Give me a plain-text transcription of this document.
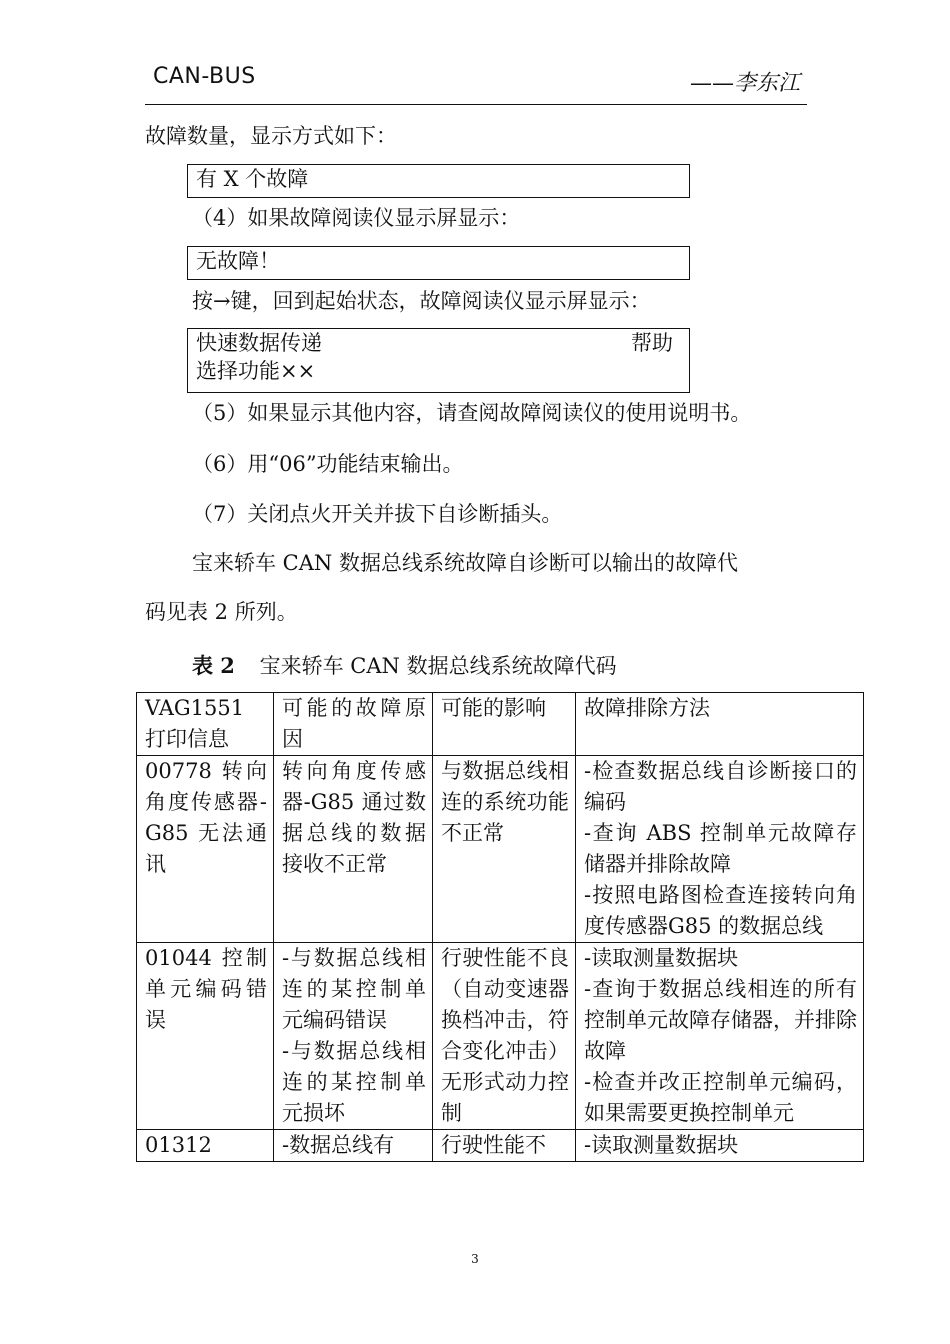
CAN-BUS	——李东江
故障数量，显示方式如下：
有 X 个故障
（4）如果故障阅读仪显示屏显示：
无故障！
按→键，回到起始状态，故障阅读仪显示屏显示：
快速数据传递	帮助
选择功能××
（5）如果显示其他内容，请查阅故障阅读仪的使用说明书。
（6）用“06”功能结束输出。
（7）关闭点火开关并拔下自诊断插头。
宝来轿车 CAN 数据总线系统故障自诊断可以输出的故障代
码见表 2 所列。
表 2 宝来轿车 CAN 数据总线系统故障代码
VAG1551 打印信息	可能的故障原因	可能的影响	故障排除方法
00778 转向角度传感器-G85 无法通讯	转向角度传感器-G85 通过数据总线的数据接收不正常	与数据总线相连的系统功能不正常	-检查数据总线自诊断接口的编码
-查询 ABS 控制单元故障存储器并排除故障
-按照电路图检查连接转向角度传感器G85 的数据总线

01044 控制单元编码错误	-与数据总线相连的某控制单元编码错误
-与数据总线相连的某控制单元损坏	行驶性能不良（自动变速器换档冲击，符合变化冲击）无形式动力控制	-读取测量数据块
-查询于数据总线相连的所有控制单元故障存储器，并排除故障
-检查并改正控制单元编码，如果需要更换控制单元

01312	-数据总线有	行驶性能不	-读取测量数据块
3
